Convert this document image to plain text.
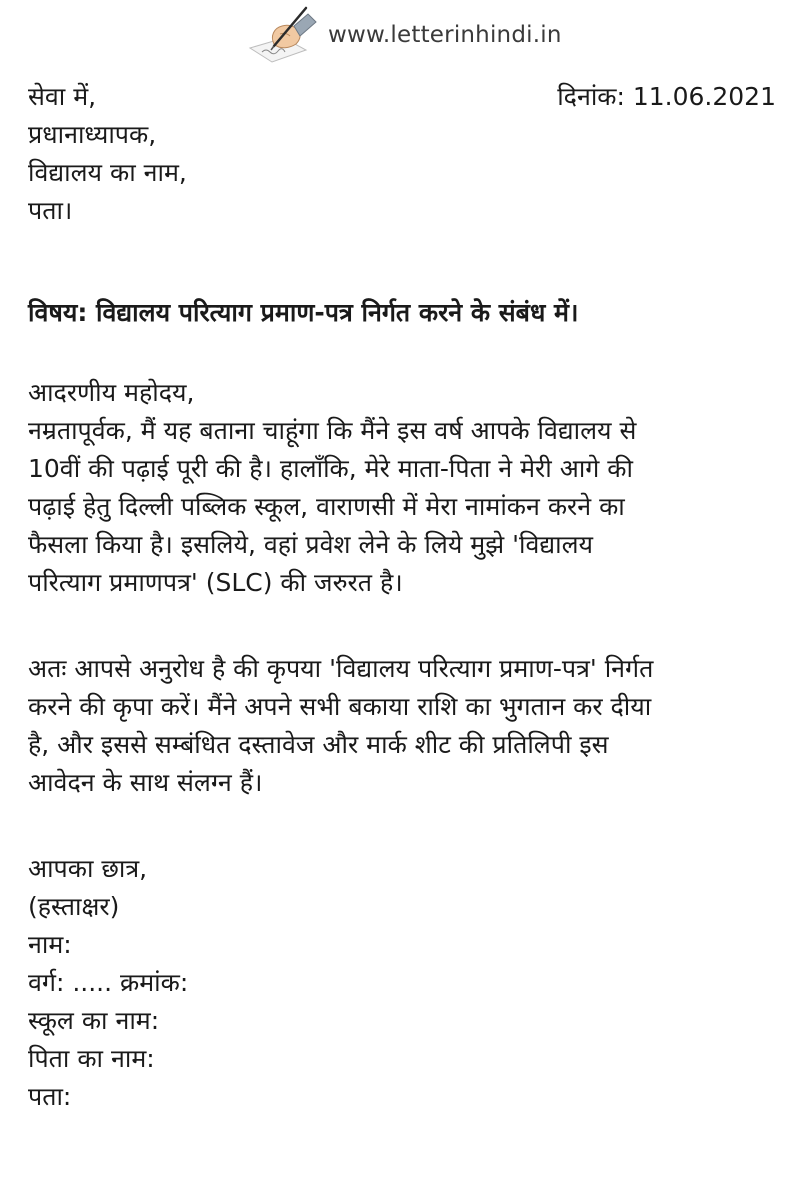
www.letterinhindi.in
दिनांक: 11.06.2021
सेवा में,
प्रधानाध्यापक,
विद्यालय का नाम,
पता।
विषय: विद्यालय परित्याग प्रमाण-पत्र निर्गत करने के संबंध में।
आदरणीय महोदय,
नम्रतापूर्वक, मैं यह बताना चाहूंगा कि मैंने इस वर्ष आपके विद्यालय से
10वीं की पढ़ाई पूरी की है। हालाँकि, मेरे माता-पिता ने मेरी आगे की
पढ़ाई हेतु दिल्ली पब्लिक स्कूल, वाराणसी में मेरा नामांकन करने का
फैसला किया है। इसलिये, वहां प्रवेश लेने के लिये मुझे 'विद्यालय
परित्याग प्रमाणपत्र' (SLC) की जरुरत है।
अतः आपसे अनुरोध है की कृपया 'विद्यालय परित्याग प्रमाण-पत्र' निर्गत
करने की कृपा करें। मैंने अपने सभी बकाया राशि का भुगतान कर दीया
है, और इससे सम्बंधित दस्तावेज और मार्क शीट की प्रतिलिपी इस
आवेदन के साथ संलग्न हैं।
आपका छात्र,
(हस्ताक्षर)
नाम:
वर्ग: ..... क्रमांक:
स्कूल का नाम:
पिता का नाम:
पता:
